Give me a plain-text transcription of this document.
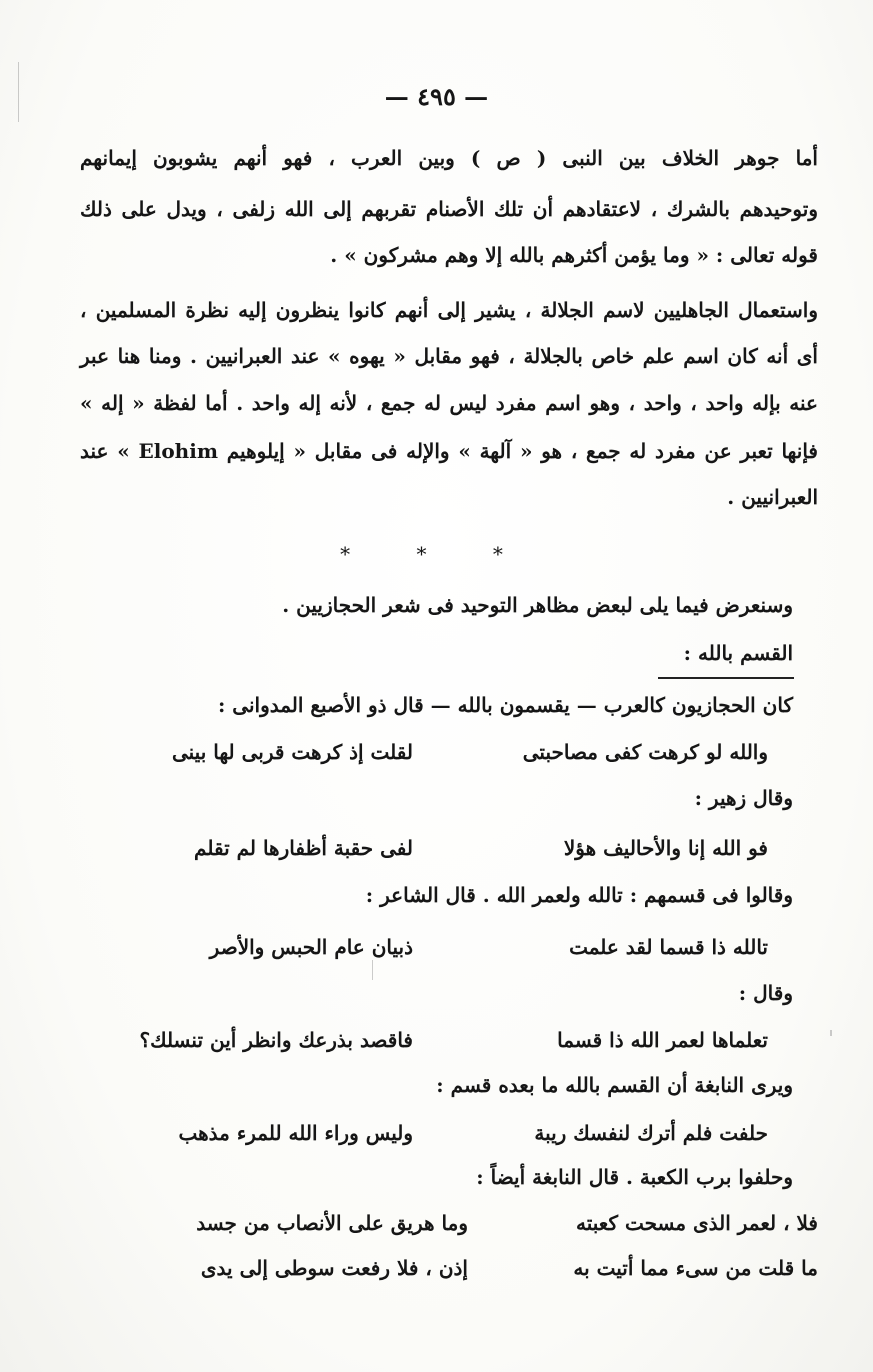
— ٤٩٥ —
أما جوهر الخلاف بين النبى ( ص ) وبين العرب ، فهو أنهم يشوبون إيمانهم
وتوحيدهم بالشرك ، لاعتقادهم أن تلك الأصنام تقربهم إلى الله زلفى ، ويدل على ذلك
قوله تعالى : « وما يؤمن أكثرهم بالله إلا وهم مشركون » .
واستعمال الجاهليين لاسم الجلالة ، يشير إلى أنهم كانوا ينظرون إليه نظرة المسلمين ،
أى أنه كان اسم علم خاص بالجلالة ، فهو مقابل « يهوه » عند العبرانيين . ومنا هنا عبر
عنه بإله واحد ، واحد ، وهو اسم مفرد ليس له جمع ، لأنه إله واحد . أما لفظة « إله »
فإنها تعبر عن مفرد له جمع ، هو « آلهة » والإله فى مقابل « إيلوهيم Elohim » عند
العبرانيين .
* * *
وسنعرض فيما يلى لبعض مظاهر التوحيد فى شعر الحجازيين .
القسم بالله :
كان الحجازيون كالعرب — يقسمون بالله — قال ذو الأصبع المدوانى :
والله لو كرهت كفى مصاحبتى
لقلت إذ كرهت قربى لها بينى
وقال زهير :
فو الله إنا والأحاليف هؤلا
لفى حقبة أظفارها لم تقلم
وقالوا فى قسمهم : تالله ولعمر الله . قال الشاعر :
تالله ذا قسما لقد علمت
ذبيان عام الحبس والأصر
وقال :
تعلماها لعمر الله ذا قسما
فاقصد بذرعك وانظر أين تنسلك؟
ويرى النابغة أن القسم بالله ما بعده قسم :
حلفت فلم أترك لنفسك ريبة
وليس وراء الله للمرء مذهب
وحلفوا برب الكعبة . قال النابغة أيضاً :
فلا ، لعمر الذى مسحت كعبته
وما هريق على الأنصاب من جسد
ما قلت من سىء مما أتيت به
إذن ، فلا رفعت سوطى إلى يدى
